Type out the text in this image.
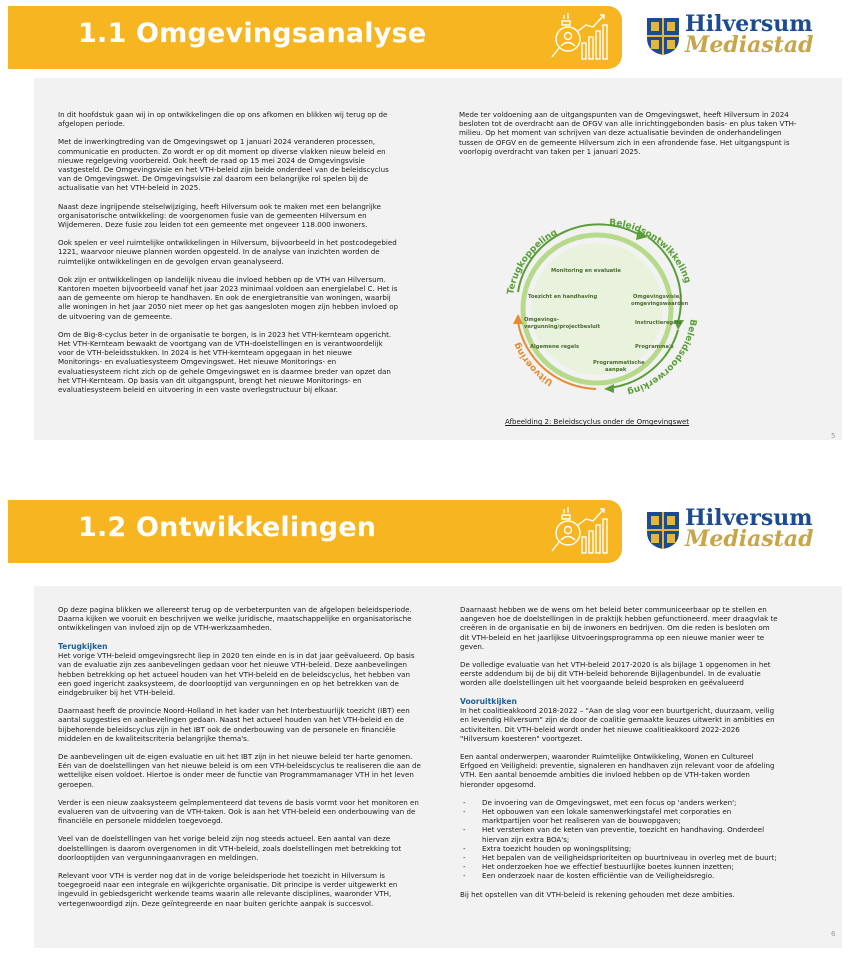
1.1 Omgevingsanalyse	Hilversum
Mediastad

In dit hoofdstuk gaan wij in op ontwikkelingen die op ons afkomen en blikken wij terug op de
afgelopen periode.

Met de inwerkingtreding van de Omgevingswet op 1 januari 2024 veranderen processen,
communicatie en producten. Zo wordt er op dit moment op diverse vlakken nieuw beleid en
nieuwe regelgeving voorbereid. Ook heeft de raad op 15 mei 2024 de Omgevingsvisie
vastgesteld. De Omgevingsvisie en het VTH-beleid zijn beide onderdeel van de beleidscyclus
van de Omgevingswet. De Omgevingsvisie zal daarom een belangrijke rol spelen bij de
actualisatie van het VTH-beleid in 2025.

Naast deze ingrijpende stelselwijziging, heeft Hilversum ook te maken met een belangrijke
organisatorische ontwikkeling: de voorgenomen fusie van de gemeenten Hilversum en
Wijdemeren. Deze fusie zou leiden tot een gemeente met ongeveer 118.000 inwoners.

Ook spelen er veel ruimtelijke ontwikkelingen in Hilversum, bijvoorbeeld in het postcodegebied
1221, waarvoor nieuwe plannen worden opgesteld. In de analyse van inzichten worden de
ruimtelijke ontwikkelingen en de gevolgen ervan geanalyseerd.

Ook zijn er ontwikkelingen op landelijk niveau die invloed hebben op de VTH van Hilversum.
Kantoren moeten bijvoorbeeld vanaf het jaar 2023 minimaal voldoen aan energielabel C. Het is
aan de gemeente om hierop te handhaven. En ook de energietransitie van woningen, waarbij
alle woningen in het jaar 2050 niet meer op het gas aangesloten mogen zijn hebben invloed op
de uitvoering van de gemeente.

Om de Big-8-cyclus beter in de organisatie te borgen, is in 2023 het VTH-kernteam opgericht.
Het VTH-Kernteam bewaakt de voortgang van de VTH-doelstellingen en is verantwoordelijk
voor de VTH-beleidsstukken. In 2024 is het VTH-kernteam opgegaan in het nieuwe
Monitorings- en evaluatiesysteem Omgevingswet. Het nieuwe Monitorings- en
evaluatiesysteem richt zich op de gehele Omgevingswet en is daarmee breder van opzet dan
het VTH-Kernteam. Op basis van dit uitgangspunt, brengt het nieuwe Monitorings- en
evaluatiesysteem beleid en uitvoering in een vaste overlegstructuur bij elkaar.

Mede ter voldoening aan de uitgangspunten van de Omgevingswet, heeft Hilversum in 2024
besloten tot de overdracht aan de OFGV van alle inrichtinggebonden basis- en plus taken VTH-
milieu. Op het moment van schrijven van deze actualisatie bevinden de onderhandelingen
tussen de OFGV en de gemeente Hilversum zich in een afrondende fase. Het uitgangspunt is
voorlopig overdracht van taken per 1 januari 2025.

Terugkoppeling
Beleidsontwikkeling
Beleidsdoorwerking
Uitvoering
Monitoring en evaluatie
Toezicht en handhaving	Omgevingsvisie/
omgevingswaarden
Omgevings-
vergunning/projectbesluit
Instructieregels
Algemene regels	Programma's
Programmatische
aanpak
Afbeelding 2: Beleidscyclus onder de Omgevingswet
5
1.2 Ontwikkelingen	Hilversum
Mediastad

Op deze pagina blikken we allereerst terug op de verbeterpunten van de afgelopen beleidsperiode.
Daarna kijken we vooruit en beschrijven we welke juridische, maatschappelijke en organisatorische
ontwikkelingen van invloed zijn op de VTH-werkzaamheden.

Terugkijken

Het vorige VTH-beleid omgevingsrecht liep in 2020 ten einde en is in dat jaar geëvalueerd. Op basis
van de evaluatie zijn zes aanbevelingen gedaan voor het nieuwe VTH-beleid. Deze aanbevelingen
hebben betrekking op het actueel houden van het VTH-beleid en de beleidscyclus, het hebben van
een goed ingericht zaaksysteem, de doorlooptijd van vergunningen en op het betrekken van de
eindgebruiker bij het VTH-beleid.

Daarnaast heeft de provincie Noord-Holland in het kader van het Interbestuurlijk toezicht (IBT) een
aantal suggesties en aanbevelingen gedaan. Naast het actueel houden van het VTH-beleid en de
bijbehorende beleidscyclus zijn in het IBT ook de onderbouwing van de personele en financiële
middelen en de kwaliteitscriteria belangrijke thema's.

De aanbevelingen uit de eigen evaluatie en uit het IBT zijn in het nieuwe beleid ter harte genomen.
Eén van de doelstellingen van het nieuwe beleid is om een VTH-beleidscyclus te realiseren die aan de
wettelijke eisen voldoet. Hiertoe is onder meer de functie van Programmamanager VTH in het leven
geroepen.

Verder is een nieuw zaaksysteem geïmplementeerd dat tevens de basis vormt voor het monitoren en
evalueren van de uitvoering van de VTH-taken. Ook is aan het VTH-beleid een onderbouwing van de
financiële en personele middelen toegevoegd.

Veel van de doelstellingen van het vorige beleid zijn nog steeds actueel. Een aantal van deze
doelstellingen is daarom overgenomen in dit VTH-beleid, zoals doelstellingen met betrekking tot
doorlooptijden van vergunningaanvragen en meldingen.

Relevant voor VTH is verder nog dat in de vorige beleidsperiode het toezicht in Hilversum is
toegegroeid naar een integrale en wijkgerichte organisatie. Dit principe is verder uitgewerkt en
ingevuld in gebiedsgericht werkende teams waarin alle relevante disciplines, waaronder VTH,
vertegenwoordigd zijn. Deze geïntegreerde en naar buiten gerichte aanpak is succesvol.

Daarnaast hebben we de wens om het beleid beter communiceerbaar op te stellen en
aangeven hoe de doelstellingen in de praktijk hebben gefunctioneerd. meer draagvlak te
creëren in de organisatie en bij de inwoners en bedrijven. Om die reden is besloten om
dit VTH-beleid en het jaarlijkse Uitvoeringsprogramma op een nieuwe manier weer te
geven.

De volledige evaluatie van het VTH-beleid 2017-2020 is als bijlage 1 opgenomen in het
eerste addendum bij de bij dit VTH-beleid behorende Bijlagenbundel. In de evaluatie
worden alle doelstellingen uit het voorgaande beleid besproken en geëvalueerd

Vooruitkijken

In het coalitieakkoord 2018-2022 – "Aan de slag voor een buurtgericht, duurzaam, veilig
en levendig Hilversum" zijn de door de coalitie gemaakte keuzes uitwerkt in ambities en
activiteiten. Dit VTH-beleid wordt onder het nieuwe coalitieakkoord 2022-2026
"Hilversum koesteren" voortgezet.

Een aantal onderwerpen, waaronder Ruimtelijke Ontwikkeling, Wonen en Cultureel
Erfgoed en Veiligheid: preventie, signaleren en handhaven zijn relevant voor de afdeling
VTH. Een aantal benoemde ambities die invloed hebben op de VTH-taken worden
hieronder opgesomd.

- De invoering van de Omgevingswet, met een focus op 'anders werken';
- Het opbouwen van een lokale samenwerkingstafel met corporaties en
marktpartijen voor het realiseren van de bouwopgaven;
- Het versterken van de keten van preventie, toezicht en handhaving. Onderdeel
hiervan zijn extra BOA's;
- Extra toezicht houden op woningsplitsing;
- Het bepalen van de veiligheidsprioriteiten op buurtniveau in overleg met de buurt;
- Het onderzoeken hoe we effectief bestuurlijke boetes kunnen inzetten;
- Een onderzoek naar de kosten efficiëntie van de Veiligheidsregio.

Bij het opstellen van dit VTH-beleid is rekening gehouden met deze ambities.

6
